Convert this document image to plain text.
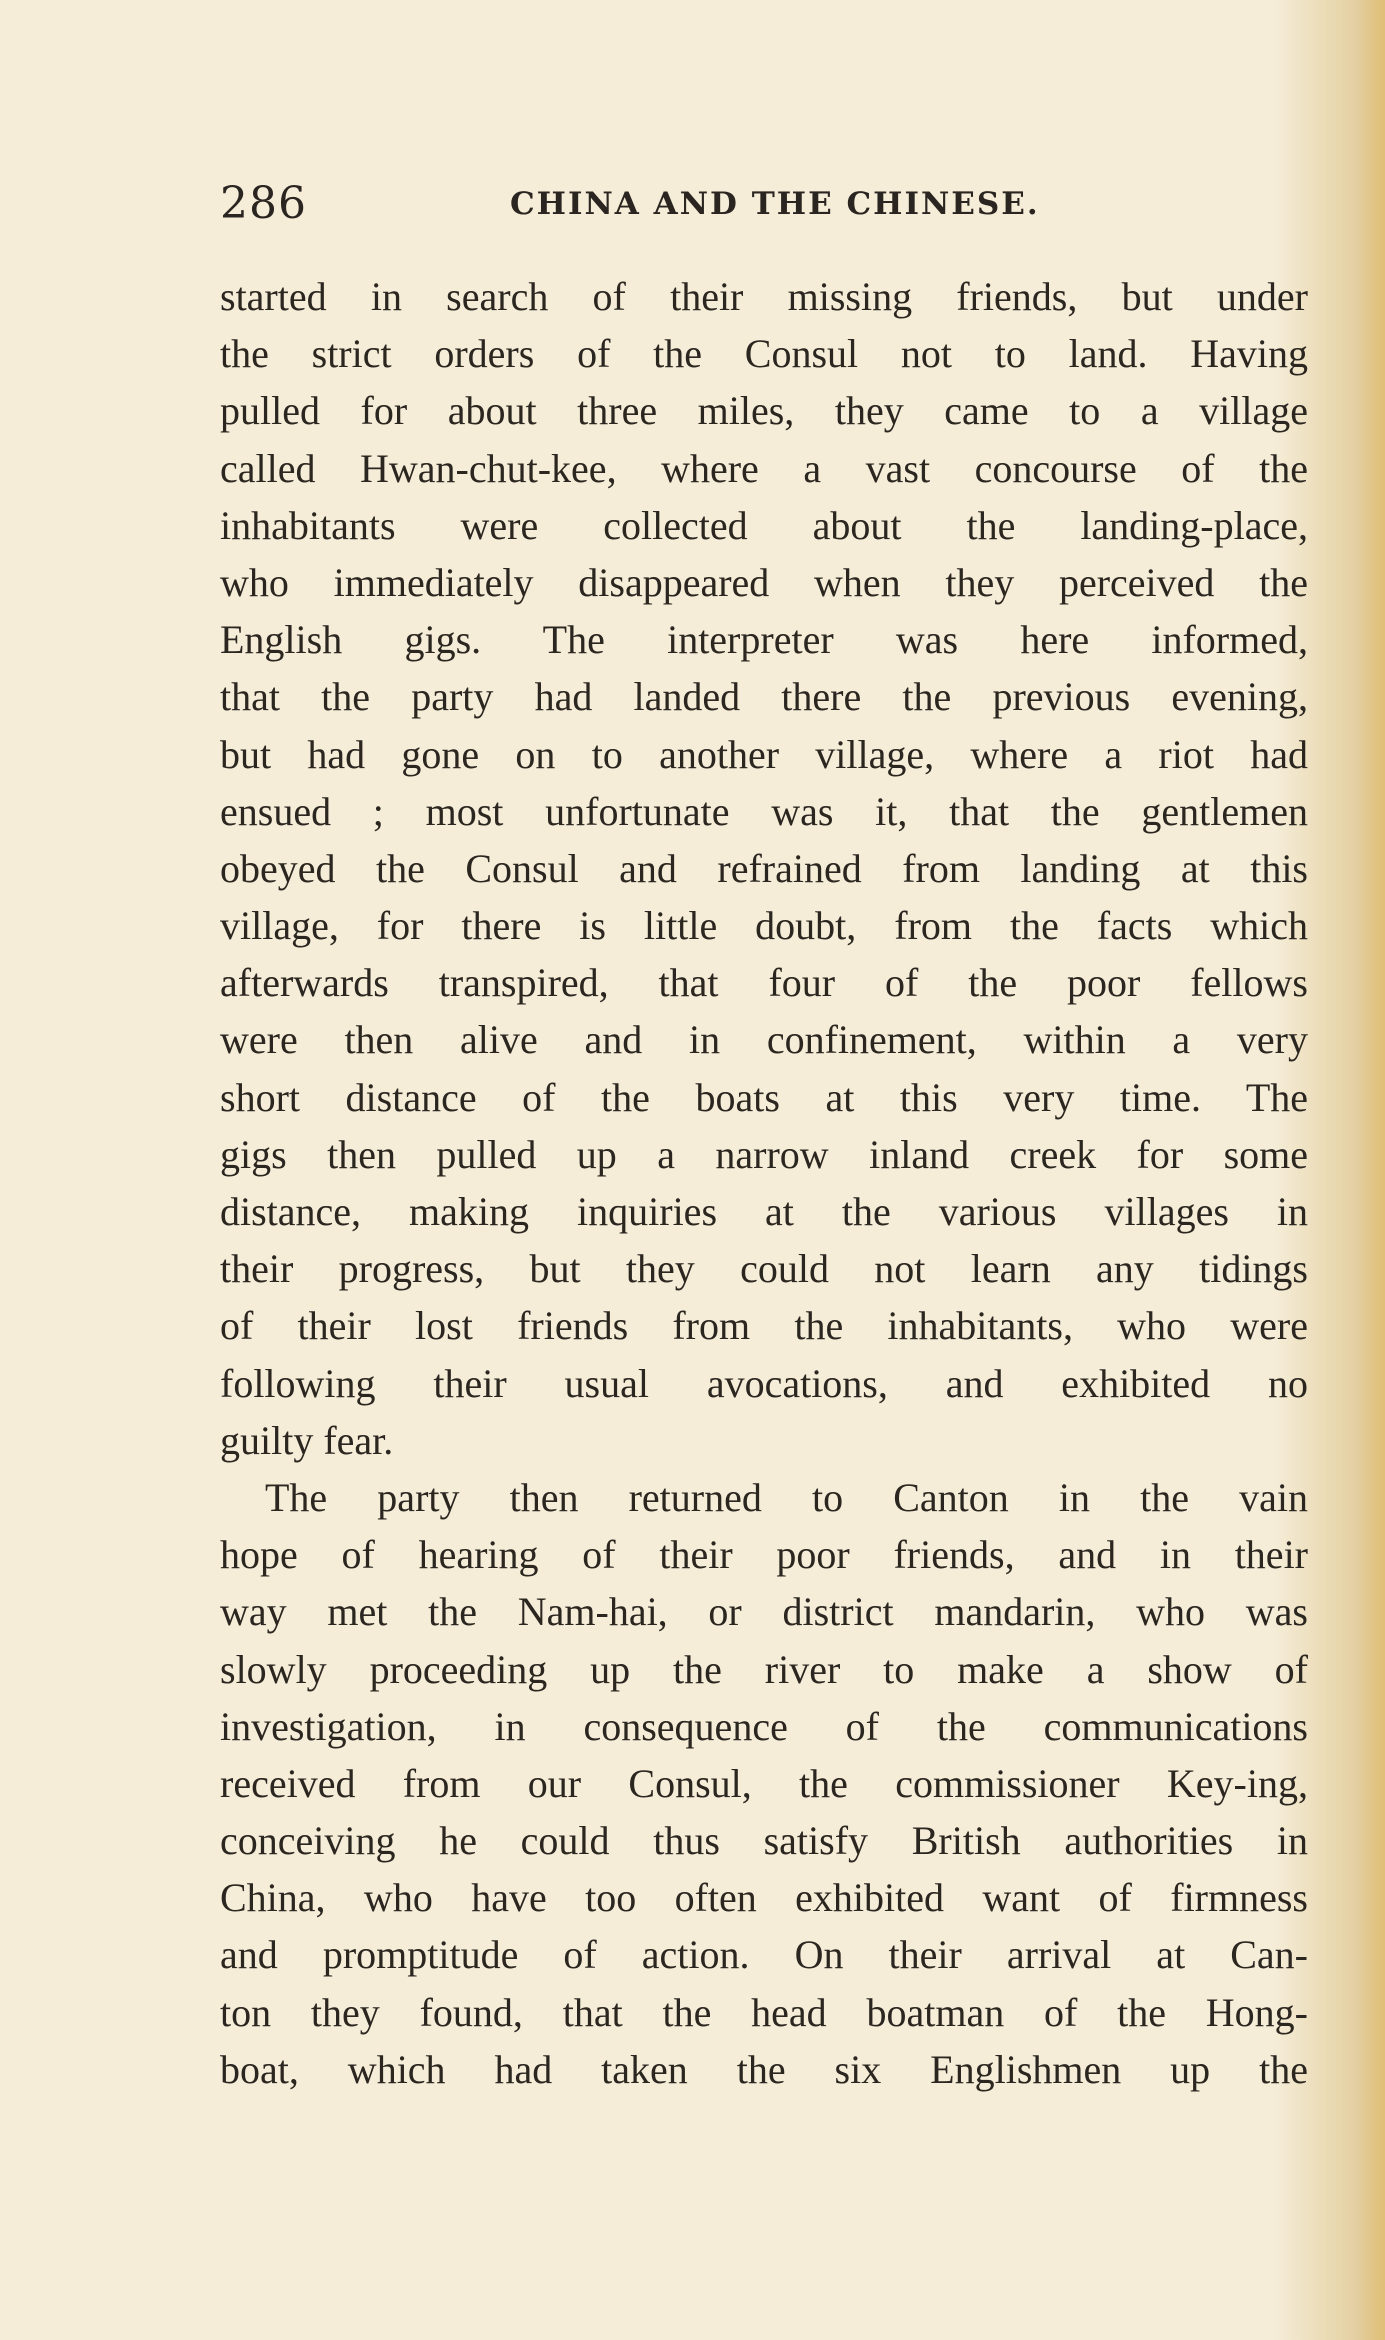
286	CHINA AND THE CHINESE.
started in search of their missing friends, but under
the strict orders of the Consul not to land. Having
pulled for about three miles, they came to a village
called Hwan-chut-kee, where a vast concourse of the
inhabitants were collected about the landing-place,
who immediately disappeared when they perceived the
English gigs. The interpreter was here informed,
that the party had landed there the previous evening,
but had gone on to another village, where a riot had
ensued ; most unfortunate was it, that the gentlemen
obeyed the Consul and refrained from landing at this
village, for there is little doubt, from the facts which
afterwards transpired, that four of the poor fellows
were then alive and in confinement, within a very
short distance of the boats at this very time. The
gigs then pulled up a narrow inland creek for some
distance, making inquiries at the various villages in
their progress, but they could not learn any tidings
of their lost friends from the inhabitants, who were
following their usual avocations, and exhibited no
guilty fear.
The party then returned to Canton in the vain
hope of hearing of their poor friends, and in their
way met the Nam-hai, or district mandarin, who was
slowly proceeding up the river to make a show of
investigation, in consequence of the communications
received from our Consul, the commissioner Key-ing,
conceiving he could thus satisfy British authorities in
China, who have too often exhibited want of firmness
and promptitude of action. On their arrival at Can-
ton they found, that the head boatman of the Hong-
boat, which had taken the six Englishmen up the
